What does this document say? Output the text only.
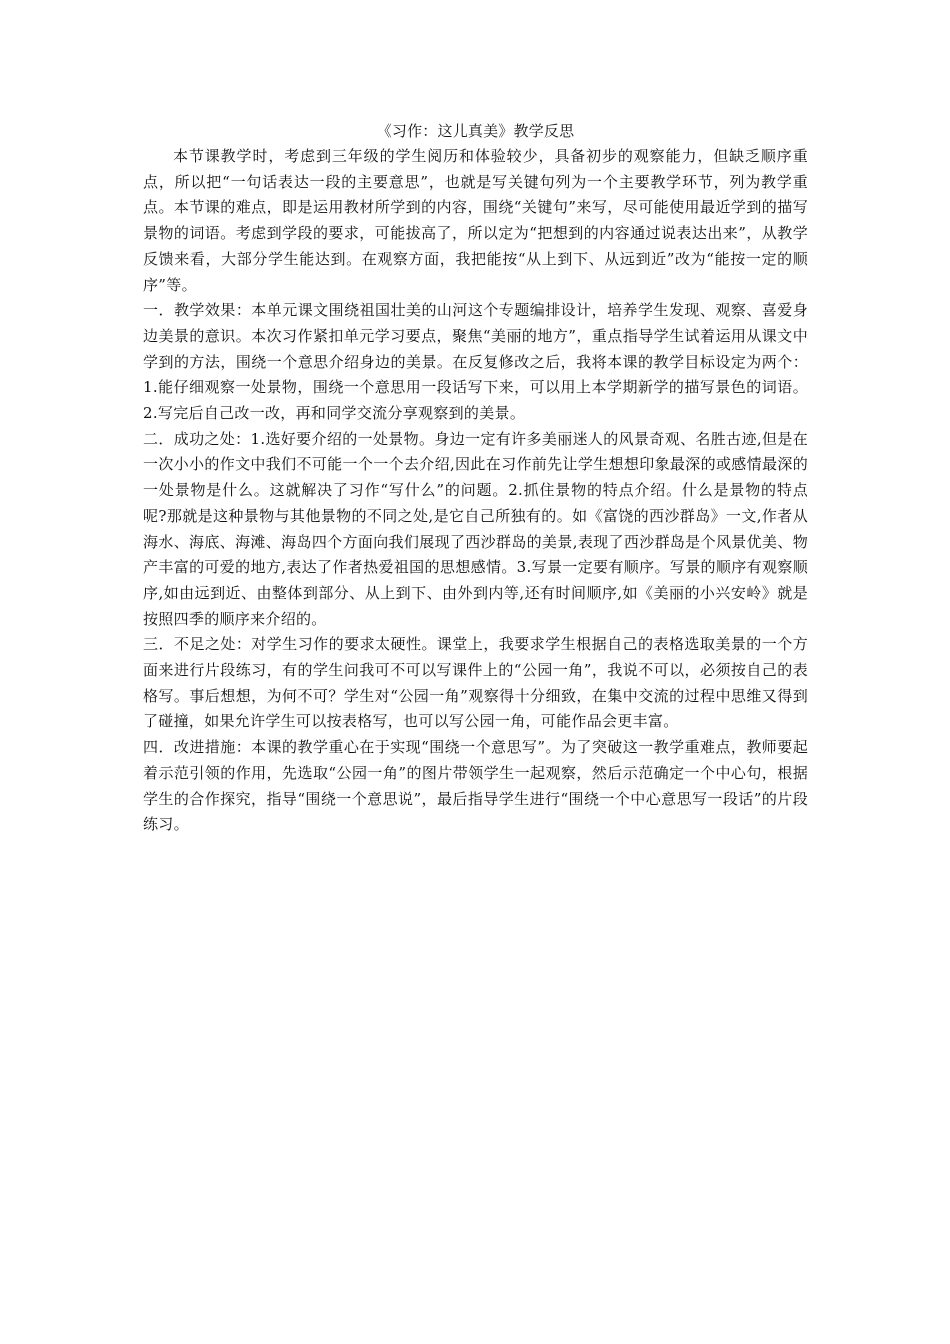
《习作：这儿真美》教学反思

本节课教学时，考虑到三年级的学生阅历和体验较少，具备初步的观察能力，但缺乏顺序重点，所以把“一句话表达一段的主要意思”，也就是写关键句列为一个主要教学环节，列为教学重点。本节课的难点，即是运用教材所学到的内容，围绕“关键句”来写，尽可能使用最近学到的描写景物的词语。考虑到学段的要求，可能拔高了，所以定为“把想到的内容通过说表达出来”，从教学反馈来看，大部分学生能达到。在观察方面，我把能按“从上到下、从远到近”改为“能按一定的顺序”等。

一．教学效果：本单元课文围绕祖国壮美的山河这个专题编排设计，培养学生发现、观察、喜爱身边美景的意识。本次习作紧扣单元学习要点，聚焦“美丽的地方”，重点指导学生试着运用从课文中学到的方法，围绕一个意思介绍身边的美景。在反复修改之后，我将本课的教学目标设定为两个：1.能仔细观察一处景物，围绕一个意思用一段话写下来，可以用上本学期新学的描写景色的词语。2.写完后自己改一改，再和同学交流分享观察到的美景。

二．成功之处：1.选好要介绍的一处景物。身边一定有许多美丽迷人的风景奇观、名胜古迹,但是在一次小小的作文中我们不可能一个一个去介绍,因此在习作前先让学生想想印象最深的或感情最深的一处景物是什么。这就解决了习作“写什么”的问题。2.抓住景物的特点介绍。什么是景物的特点呢?那就是这种景物与其他景物的不同之处,是它自己所独有的。如《富饶的西沙群岛》一文,作者从海水、海底、海滩、海岛四个方面向我们展现了西沙群岛的美景,表现了西沙群岛是个风景优美、物产丰富的可爱的地方,表达了作者热爱祖国的思想感情。3.写景一定要有顺序。写景的顺序有观察顺序,如由远到近、由整体到部分、从上到下、由外到内等,还有时间顺序,如《美丽的小兴安岭》就是按照四季的顺序来介绍的。

三．不足之处：对学生习作的要求太硬性。课堂上，我要求学生根据自己的表格选取美景的一个方面来进行片段练习，有的学生问我可不可以写课件上的“公园一角”，我说不可以，必须按自己的表格写。事后想想，为何不可？学生对“公园一角”观察得十分细致，在集中交流的过程中思维又得到了碰撞，如果允许学生可以按表格写，也可以写公园一角，可能作品会更丰富。

四．改进措施：本课的教学重心在于实现“围绕一个意思写”。为了突破这一教学重难点，教师要起着示范引领的作用，先选取“公园一角”的图片带领学生一起观察，然后示范确定一个中心句，根据学生的合作探究，指导“围绕一个意思说”，最后指导学生进行“围绕一个中心意思写一段话”的片段练习。
